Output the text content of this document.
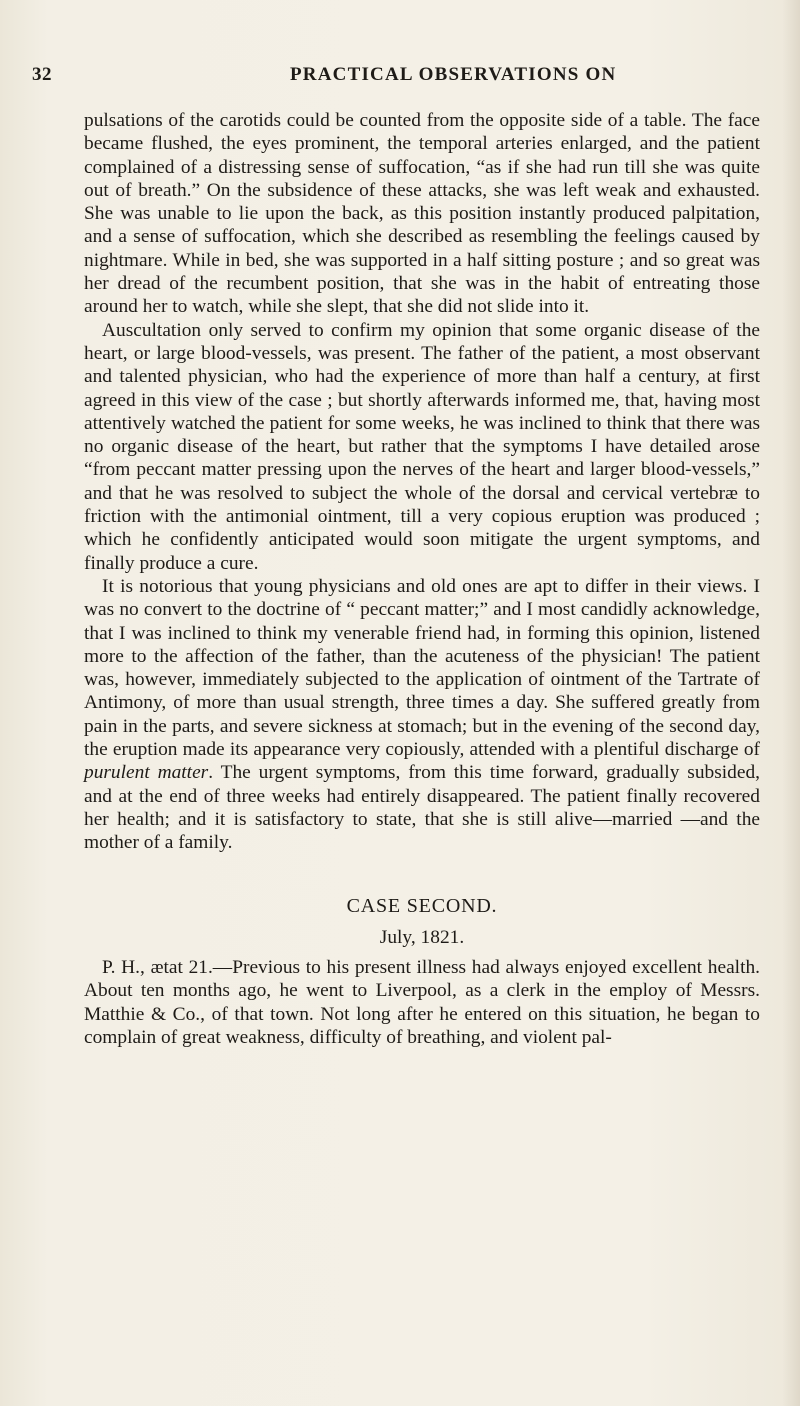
32	PRACTICAL OBSERVATIONS ON

pulsations of the carotids could be counted from the opposite side of a table. The face became flushed, the eyes prominent, the temporal arteries enlarged, and the patient complained of a distressing sense of suffocation, “as if she had run till she was quite out of breath.” On the subsidence of these attacks, she was left weak and exhausted. She was unable to lie upon the back, as this position instantly produced palpitation, and a sense of suffocation, which she described as resembling the feelings caused by nightmare. While in bed, she was supported in a half sitting posture ; and so great was her dread of the recumbent position, that she was in the habit of entreating those around her to watch, while she slept, that she did not slide into it.

Auscultation only served to confirm my opinion that some organic disease of the heart, or large blood-vessels, was present. The father of the patient, a most observant and talented physician, who had the experience of more than half a century, at first agreed in this view of the case ; but shortly afterwards informed me, that, having most attentively watched the patient for some weeks, he was inclined to think that there was no organic disease of the heart, but rather that the symptoms I have detailed arose “from peccant matter pressing upon the nerves of the heart and larger blood-vessels,” and that he was resolved to subject the whole of the dorsal and cervical vertebræ to friction with the antimonial ointment, till a very copious eruption was produced ; which he confidently anticipated would soon mitigate the urgent symptoms, and finally produce a cure.

It is notorious that young physicians and old ones are apt to differ in their views. I was no convert to the doctrine of “ peccant matter;” and I most candidly acknowledge, that I was inclined to think my venerable friend had, in forming this opinion, listened more to the affection of the father, than the acuteness of the physician! The patient was, however, immediately subjected to the application of ointment of the Tartrate of Antimony, of more than usual strength, three times a day. She suffered greatly from pain in the parts, and severe sickness at stomach; but in the evening of the second day, the eruption made its appearance very copiously, attended with a plentiful discharge of purulent matter. The urgent symptoms, from this time forward, gradually subsided, and at the end of three weeks had entirely disappeared. The patient finally recovered her health; and it is satisfactory to state, that she is still alive—married —and the mother of a family.

CASE SECOND.
July, 1821.

P. H., ætat 21.—Previous to his present illness had always enjoyed excellent health. About ten months ago, he went to Liverpool, as a clerk in the employ of Messrs. Matthie & Co., of that town. Not long after he entered on this situation, he began to complain of great weakness, difficulty of breathing, and violent pal-
